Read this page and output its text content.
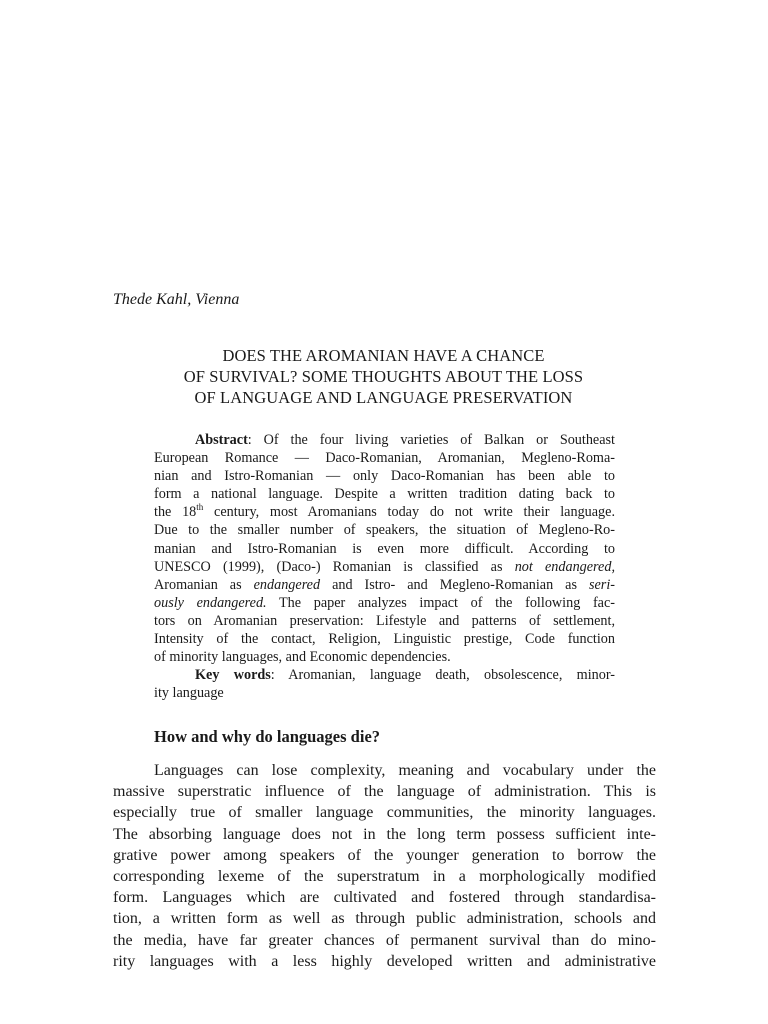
Thede Kahl, Vienna

DOES THE AROMANIAN HAVE A CHANCE
OF SURVIVAL? SOME THOUGHTS ABOUT THE LOSS
OF LANGUAGE AND LANGUAGE PRESERVATION
Abstract: Of the four living varieties of Balkan or Southeast
European Romance — Daco-Romanian, Aromanian, Megleno-Roma-
nian and Istro-Romanian — only Daco-Romanian has been able to
form a national language. Despite a written tradition dating back to
the 18th century, most Aromanians today do not write their language.
Due to the smaller number of speakers, the situation of Megleno-Ro-
manian and Istro-Romanian is even more difficult. According to
UNESCO (1999), (Daco-) Romanian is classified as not endangered,
Aromanian as endangered and Istro- and Megleno-Romanian as seri-
ously endangered. The paper analyzes impact of the following fac-
tors on Aromanian preservation: Lifestyle and patterns of settlement,
Intensity of the contact, Religion, Linguistic prestige, Code function
of minority languages, and Economic dependencies.
Key words: Aromanian, language death, obsolescence, minor-
ity language
How and why do languages die?
Languages can lose complexity, meaning and vocabulary under the
massive superstratic influence of the language of administration. This is
especially true of smaller language communities, the minority languages.
The absorbing language does not in the long term possess sufficient inte-
grative power among speakers of the younger generation to borrow the
corresponding lexeme of the superstratum in a morphologically modified
form. Languages which are cultivated and fostered through standardisa-
tion, a written form as well as through public administration, schools and
the media, have far greater chances of permanent survival than do mino-
rity languages with a less highly developed written and administrative
